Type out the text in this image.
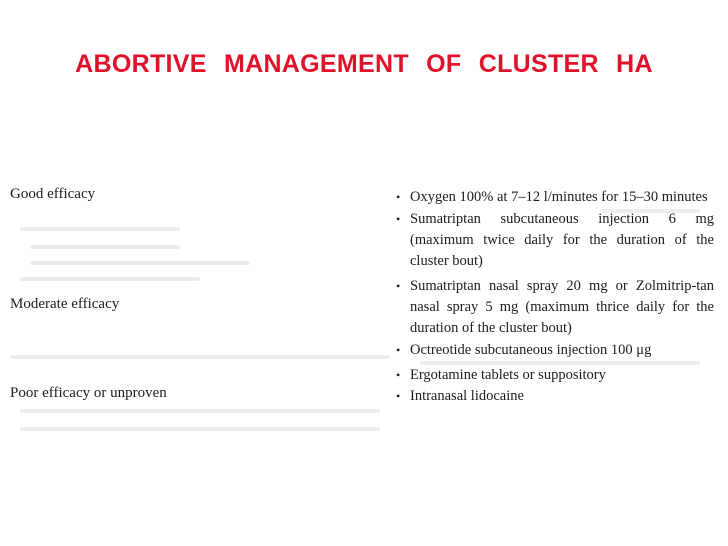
ABORTIVE MANAGEMENT OF CLUSTER HA

Good efficacy

Moderate efficacy

Poor efficacy or unproven

• Oxygen 100% at 7–12 l/minutes for 15–30 minutes
• Sumatriptan subcutaneous injection 6 mg (maximum twice daily for the duration of the cluster bout)
• Sumatriptan nasal spray 20 mg or Zolmitrip-tan nasal spray 5 mg (maximum thrice daily for the duration of the cluster bout)
• Octreotide subcutaneous injection 100 μg
• Ergotamine tablets or suppository
• Intranasal lidocaine
